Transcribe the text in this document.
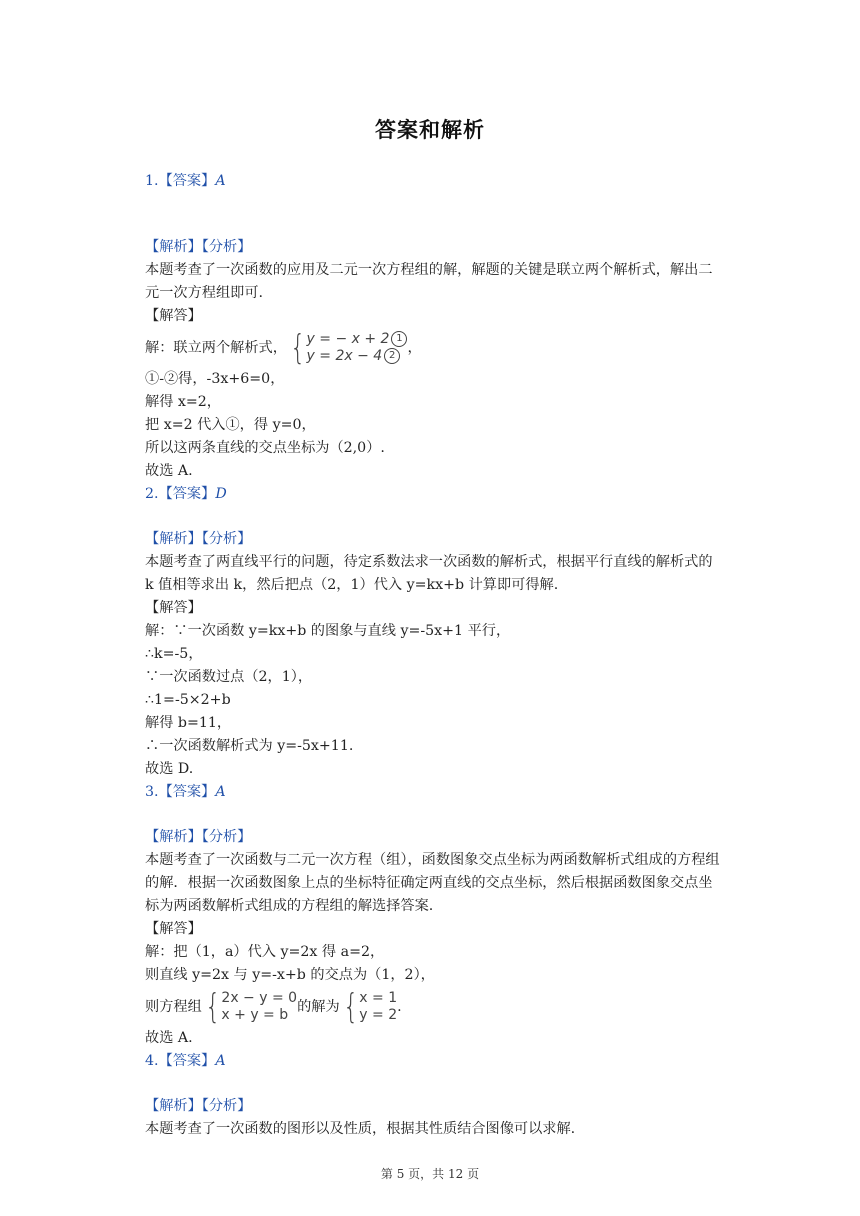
答案和解析
1.【答案】A
【解析】【分析】
本题考查了一次函数的应用及二元一次方程组的解，解题的关键是联立两个解析式，解出二元一次方程组即可.
【解答】
解：联立两个解析式， { y = − x + 2 1
y = 2x − 4 2 ，
①-②得，-3x+6=0，
解得 x=2，
把 x=2 代入①，得 y=0，
所以这两条直线的交点坐标为（2,0）.
故选 A.
2.【答案】D
【解析】【分析】
本题考查了两直线平行的问题，待定系数法求一次函数的解析式，根据平行直线的解析式的 k 值相等求出 k，然后把点（2，1）代入 y=kx+b 计算即可得解.
【解答】
解：∵一次函数 y=kx+b 的图象与直线 y=-5x+1 平行，
∴k=-5，
∵一次函数过点（2，1），
∴1=-5×2+b
解得 b=11，
∴一次函数解析式为 y=-5x+11.
故选 D.
3.【答案】A
【解析】【分析】
本题考查了一次函数与二元一次方程（组），函数图象交点坐标为两函数解析式组成的方程组的解．根据一次函数图象上点的坐标特征确定两直线的交点坐标，然后根据函数图象交点坐标为两函数解析式组成的方程组的解选择答案.
【解答】
解：把（1，a）代入 y=2x 得 a=2，
则直线 y=2x 与 y=-x+b 的交点为（1，2），
则方程组 { 2x − y = 0
x + y = b 的解为 { x = 1
y = 2 .
故选 A.
4.【答案】A
【解析】【分析】
本题考查了一次函数的图形以及性质，根据其性质结合图像可以求解.
第 5 页，共 12 页
